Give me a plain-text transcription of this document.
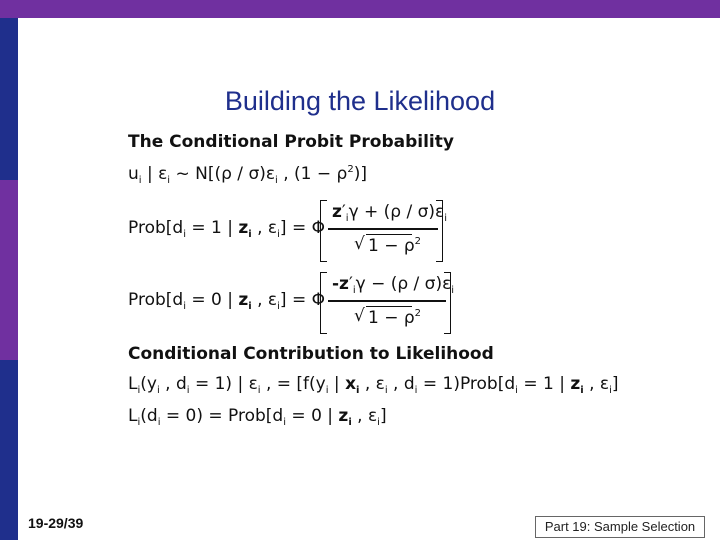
Building the Likelihood
The Conditional Probit Probability
$u_i$ | $\varepsilon_i$ ~ $N[(\rho / \sigma)\varepsilon_i$ , $(1 - \rho^2)$]
$Prob[d_i = 1$ | $z_i$ , $\varepsilon_i] = \Phi$
$z'_i\gamma + (\rho / \sigma)\varepsilon_i$
√ $1 - \rho^2$
$Prob[d_i = 0$ | $z_i$ , $\varepsilon_i] = \Phi$
$-z'_i\gamma - (\rho / \sigma)\varepsilon_i$
√ $1 - \rho^2$
Conditional Contribution to Likelihood
$L_i(y_i$ , $d_i = 1$) | $\varepsilon_i$ , = [$f(y_i$ | $x_i$ , $\varepsilon_i$ , $d_i$ = $1)Prob[d_i = 1$ | $z_i$ , $\varepsilon_i$]
$L_i(d_i = 0)$ = $Prob[d_i = 0$ | $z_i$ , $\varepsilon_i$]
19-29/39	Part 19: Sample Selection
